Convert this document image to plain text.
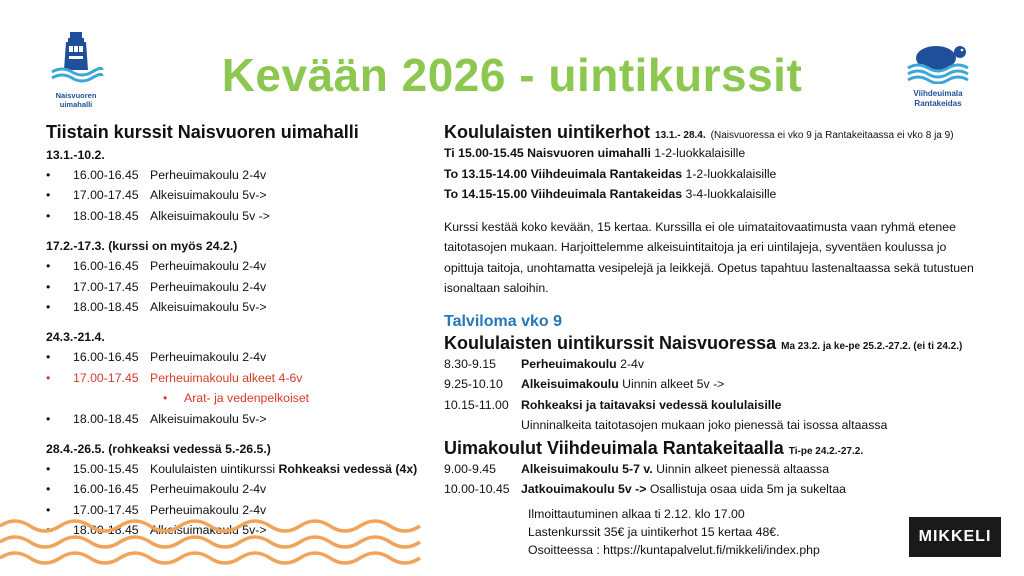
Naisvuoren
uimahalli
Viihdeuimala
Rantakeidas
Kevään 2026 - uintikurssit
Tiistain kurssit Naisvuoren uimahalli
13.1.-10.2.
• 16.00-16.45 Perheuimakoulu 2-4v
• 17.00-17.45 Alkeisuimakoulu 5v->
• 18.00-18.45 Alkeisuimakoulu 5v ->
17.2.-17.3. (kurssi on myös 24.2.)
• 16.00-16.45 Perheuimakoulu 2-4v
• 17.00-17.45 Perheuimakoulu 2-4v
• 18.00-18.45 Alkeisuimakoulu 5v->
24.3.-21.4.
• 16.00-16.45 Perheuimakoulu 2-4v
• 17.00-17.45 Perheuimakoulu alkeet 4-6v
• Arat- ja vedenpelkoiset
• 18.00-18.45 Alkeisuimakoulu 5v->
28.4.-26.5. (rohkeaksi vedessä 5.-26.5.)
• 15.00-15.45 Koululaisten uintikurssi Rohkeaksi vedessä (4x)
• 16.00-16.45 Perheuimakoulu 2-4v
• 17.00-17.45 Perheuimakoulu 2-4v
• 18.00-18.45 Alkeisuimakoulu 5v->
Koululaisten uintikerhot 13.1.- 28.4. (Naisvuoressa ei vko 9 ja Rantakeitaassa ei vko 8 ja 9)
Ti 15.00-15.45 Naisvuoren uimahalli 1-2-luokkalaisille
To 13.15-14.00 Viihdeuimala Rantakeidas 1-2-luokkalaisille
To 14.15-15.00 Viihdeuimala Rantakeidas 3-4-luokkalaisille
Kurssi kestää koko kevään, 15 kertaa. Kurssilla ei ole uimataitovaatimusta vaan ryhmä etenee taitotasojen mukaan. Harjoittelemme alkeisuintitaitoja ja eri uintilajeja, syventäen koulussa jo opittuja taitoja, unohtamatta vesipelejä ja leikkejä. Opetus tapahtuu lastenaltaassa sekä tutustuen isonaltaan saloihin.
Talviloma vko 9
Koululaisten uintikurssit Naisvuoressa Ma 23.2. ja ke-pe 25.2.-27.2. (ei ti 24.2.)
8.30-9.15 Perheuimakoulu 2-4v
9.25-10.10 Alkeisuimakoulu Uinnin alkeet 5v ->
10.15-11.00 Rohkeaksi ja taitavaksi vedessä koululaisille
Uinninalkeita taitotasojen mukaan joko pienessä tai isossa altaassa
Uimakoulut Viihdeuimala Rantakeitaalla Ti-pe 24.2.-27.2.
9.00-9.45 Alkeisuimakoulu 5-7 v. Uinnin alkeet pienessä altaassa
10.00-10.45 Jatkouimakoulu 5v -> Osallistuja osaa uida 5m ja sukeltaa
Ilmoittautuminen alkaa ti 2.12. klo 17.00
Lastenkurssit 35€ ja uintikerhot 15 kertaa 48€.
Osoitteessa : https://kuntapalvelut.fi/mikkeli/index.php
MIKKELI
